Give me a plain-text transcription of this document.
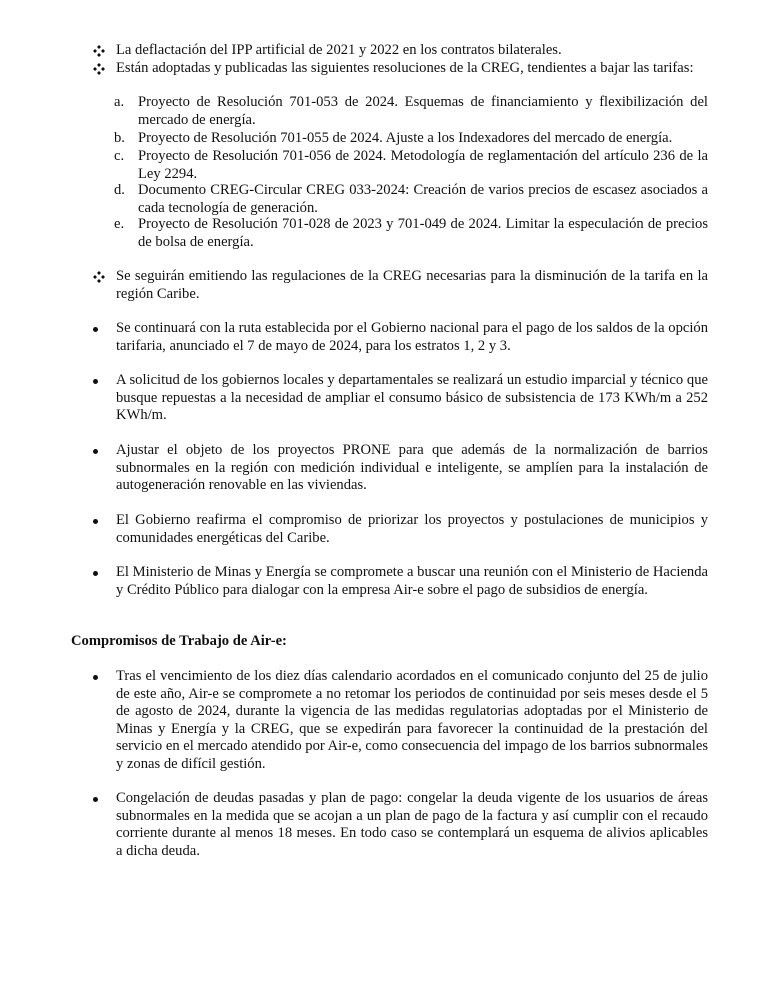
La deflactación del IPP artificial de 2021 y 2022 en los contratos bilaterales.
Están adoptadas y publicadas las siguientes resoluciones de la CREG, tendientes a bajar las tarifas:
a. Proyecto de Resolución 701-053 de 2024. Esquemas de financiamiento y flexibilización del mercado de energía.
b. Proyecto de Resolución 701-055 de 2024. Ajuste a los Indexadores del mercado de energía.
c. Proyecto de Resolución 701-056 de 2024. Metodología de reglamentación del artículo 236 de la Ley 2294.
d. Documento CREG-Circular CREG 033-2024: Creación de varios precios de escasez asociados a cada tecnología de generación.
e. Proyecto de Resolución 701-028 de 2023 y 701-049 de 2024. Limitar la especulación de precios de bolsa de energía.
Se seguirán emitiendo las regulaciones de la CREG necesarias para la disminución de la tarifa en la región Caribe.
Se continuará con la ruta establecida por el Gobierno nacional para el pago de los saldos de la opción tarifaria, anunciado el 7 de mayo de 2024, para los estratos 1, 2 y 3.
A solicitud de los gobiernos locales y departamentales se realizará un estudio imparcial y técnico que busque repuestas a la necesidad de ampliar el consumo básico de subsistencia de 173 KWh/m a 252 KWh/m.
Ajustar el objeto de los proyectos PRONE para que además de la normalización de barrios subnormales en la región con medición individual e inteligente, se amplíen para la instalación de autogeneración renovable en las viviendas.
El Gobierno reafirma el compromiso de priorizar los proyectos y postulaciones de municipios y comunidades energéticas del Caribe.
El Ministerio de Minas y Energía se compromete a buscar una reunión con el Ministerio de Hacienda y Crédito Público para dialogar con la empresa Air-e sobre el pago de subsidios de energía.
Compromisos de Trabajo de Air-e:
Tras el vencimiento de los diez días calendario acordados en el comunicado conjunto del 25 de julio de este año, Air-e se compromete a no retomar los periodos de continuidad por seis meses desde el 5 de agosto de 2024, durante la vigencia de las medidas regulatorias adoptadas por el Ministerio de Minas y Energía y la CREG, que se expedirán para favorecer la continuidad de la prestación del servicio en el mercado atendido por Air-e, como consecuencia del impago de los barrios subnormales y zonas de difícil gestión.
Congelación de deudas pasadas y plan de pago: congelar la deuda vigente de los usuarios de áreas subnormales en la medida que se acojan a un plan de pago de la factura y así cumplir con el recaudo corriente durante al menos 18 meses. En todo caso se contemplará un esquema de alivios aplicables a dicha deuda.
